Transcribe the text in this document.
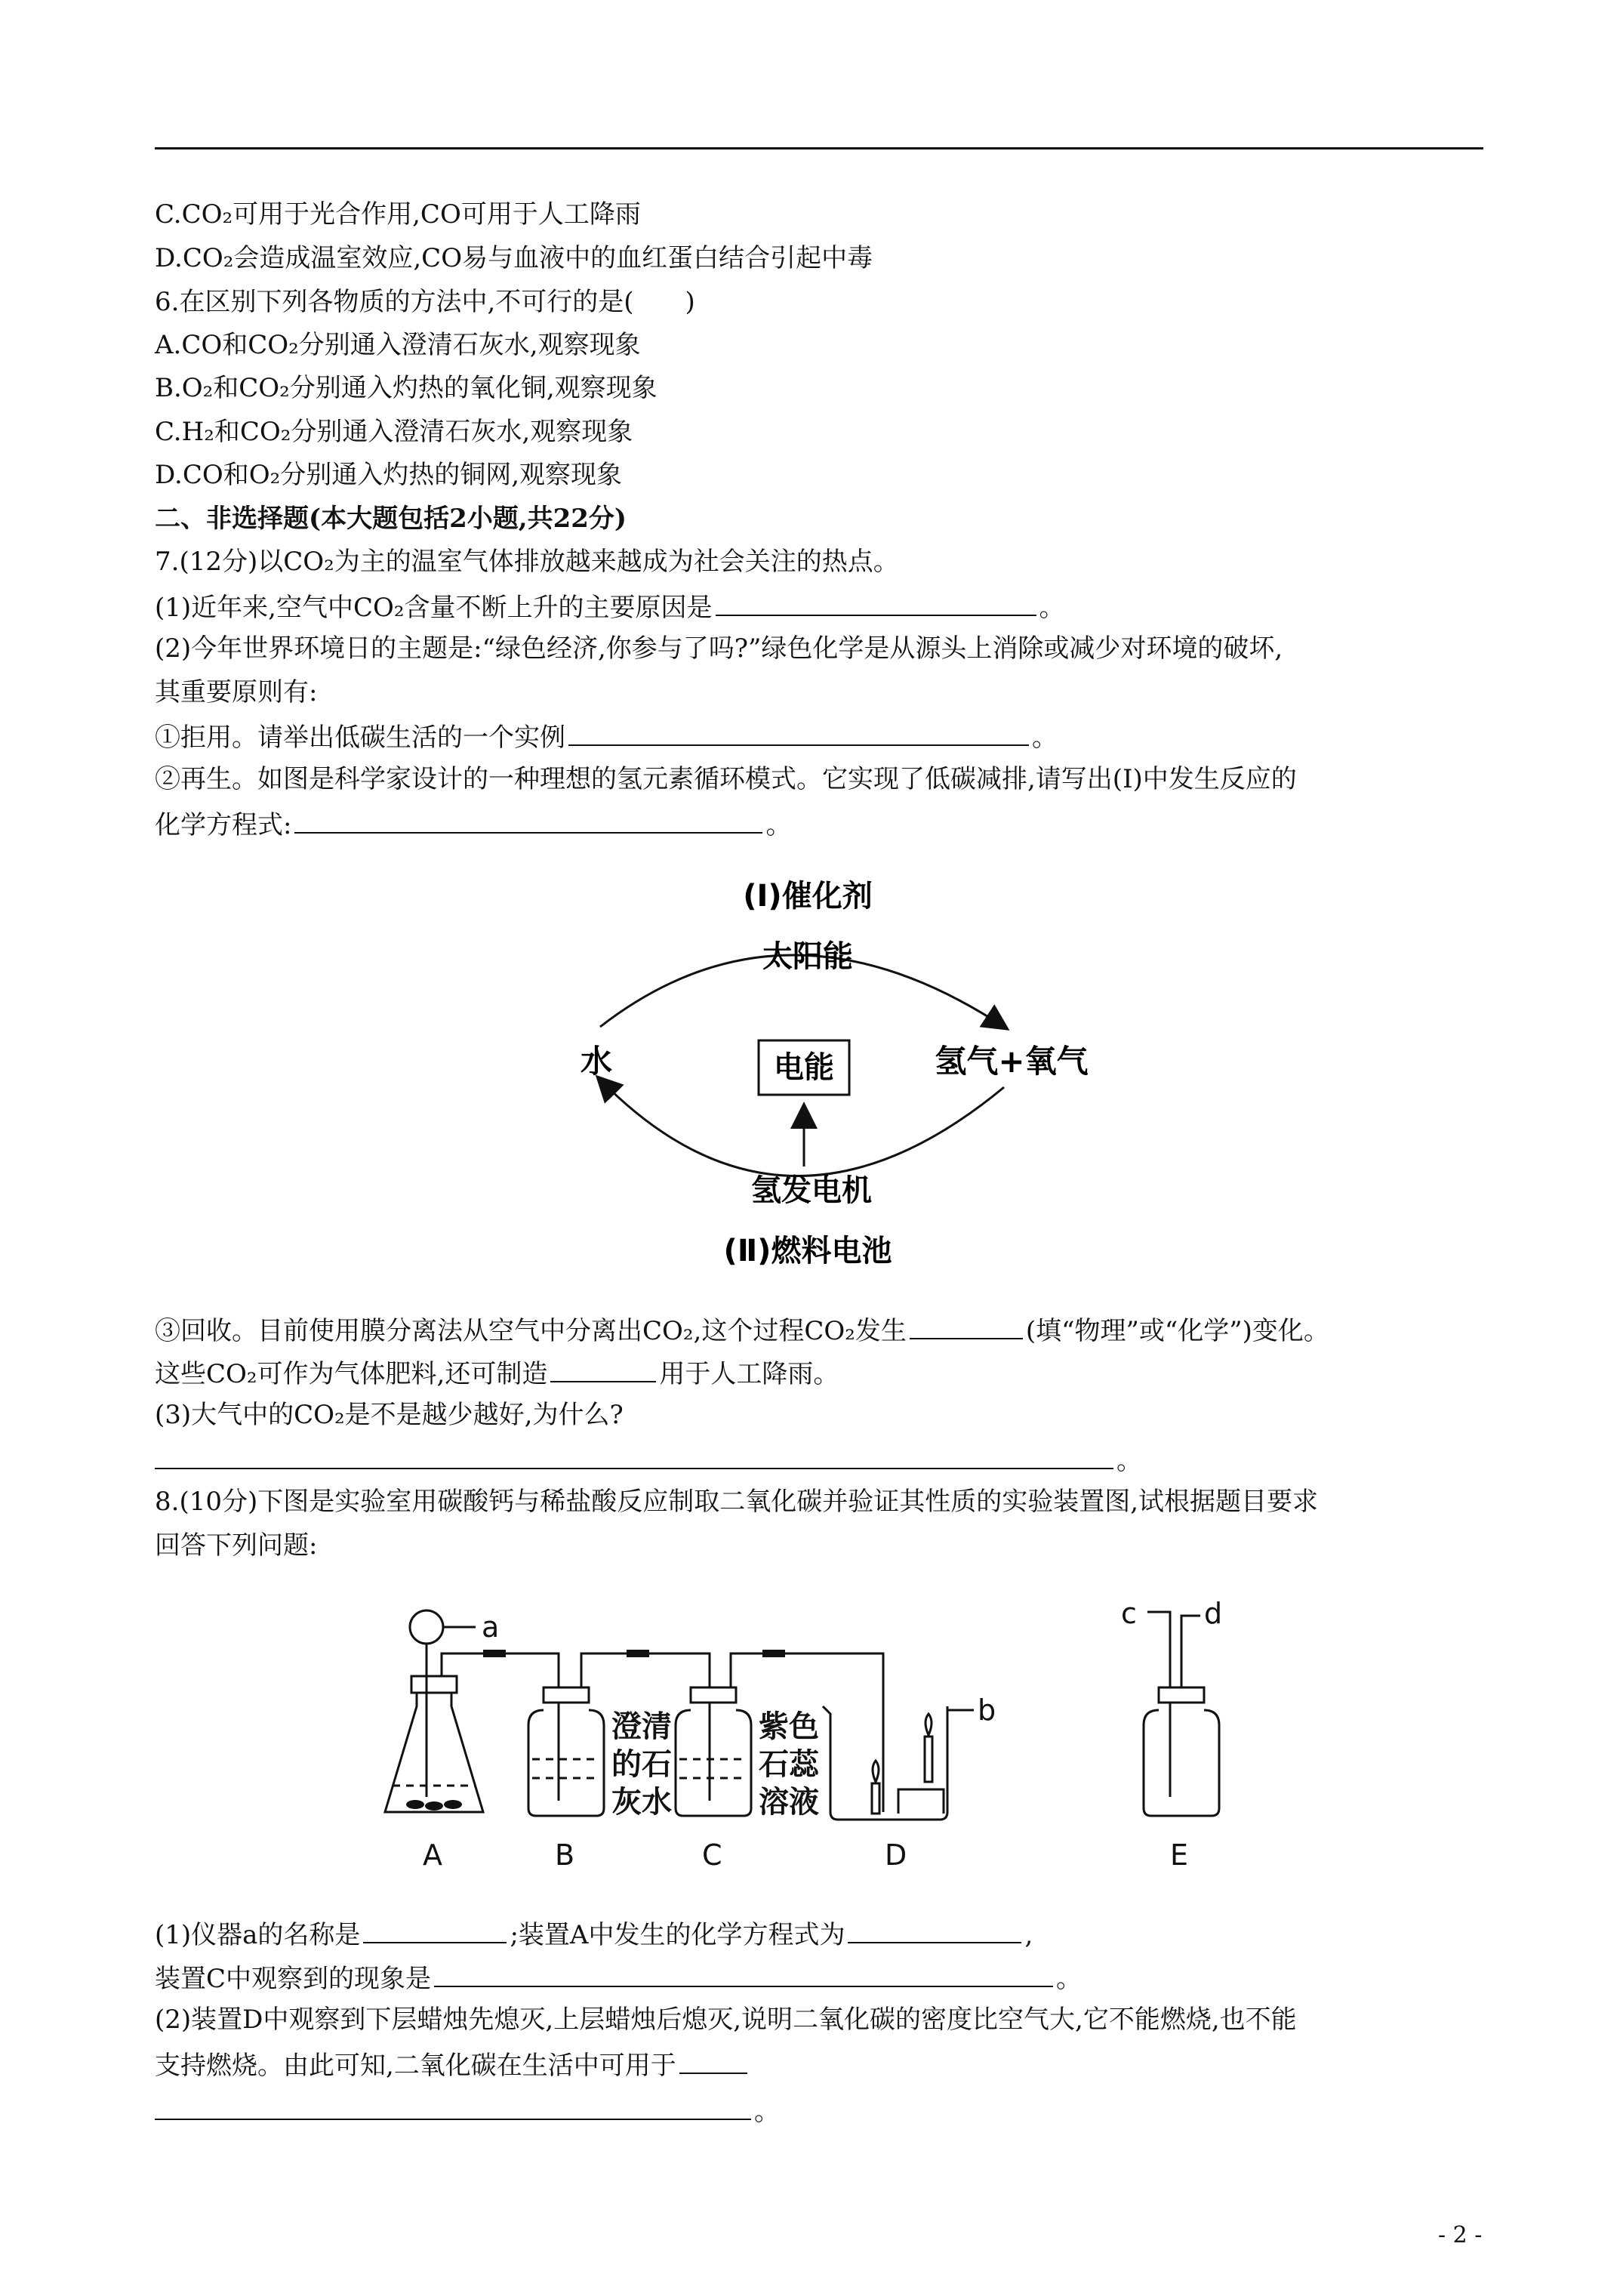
C.CO₂可用于光合作用,CO可用于人工降雨
D.CO₂会造成温室效应,CO易与血液中的血红蛋白结合引起中毒
6.在区别下列各物质的方法中,不可行的是(　　)
A.CO和CO₂分别通入澄清石灰水,观察现象
B.O₂和CO₂分别通入灼热的氧化铜,观察现象
C.H₂和CO₂分别通入澄清石灰水,观察现象
D.CO和O₂分别通入灼热的铜网,观察现象
二、非选择题(本大题包括2小题,共22分)
7.(12分)以CO₂为主的温室气体排放越来越成为社会关注的热点。
(1)近年来,空气中CO₂含量不断上升的主要原因是	。
(2)今年世界环境日的主题是:“绿色经济,你参与了吗?”绿色化学是从源头上消除或减少对环境的破坏,
其重要原则有:
①拒用。请举出低碳生活的一个实例	。
②再生。如图是科学家设计的一种理想的氢元素循环模式。它实现了低碳减排,请写出(Ⅰ)中发生反应的
化学方程式:	。
(Ⅰ)催化剂
太阳能
水	氢气+氧气
电能
氢发电机
(Ⅱ)燃料电池
③回收。目前使用膜分离法从空气中分离出CO₂,这个过程CO₂发生	(填“物理”或“化学”)变化。
这些CO₂可作为气体肥料,还可制造	用于人工降雨。
(3)大气中的CO₂是不是越少越好,为什么?
。
8.(10分)下图是实验室用碳酸钙与稀盐酸反应制取二氧化碳并验证其性质的实验装置图,试根据题目要求
回答下列问题:
a
b
c d
A	B	C	D	E
澄清
的石
灰水
紫色
石蕊
溶液
(1)仪器a的名称是	;装置A中发生的化学方程式为	,
装置C中观察到的现象是	。
(2)装置D中观察到下层蜡烛先熄灭,上层蜡烛后熄灭,说明二氧化碳的密度比空气大,它不能燃烧,也不能
支持燃烧。由此可知,二氧化碳在生活中可用于
。
- 2 -
